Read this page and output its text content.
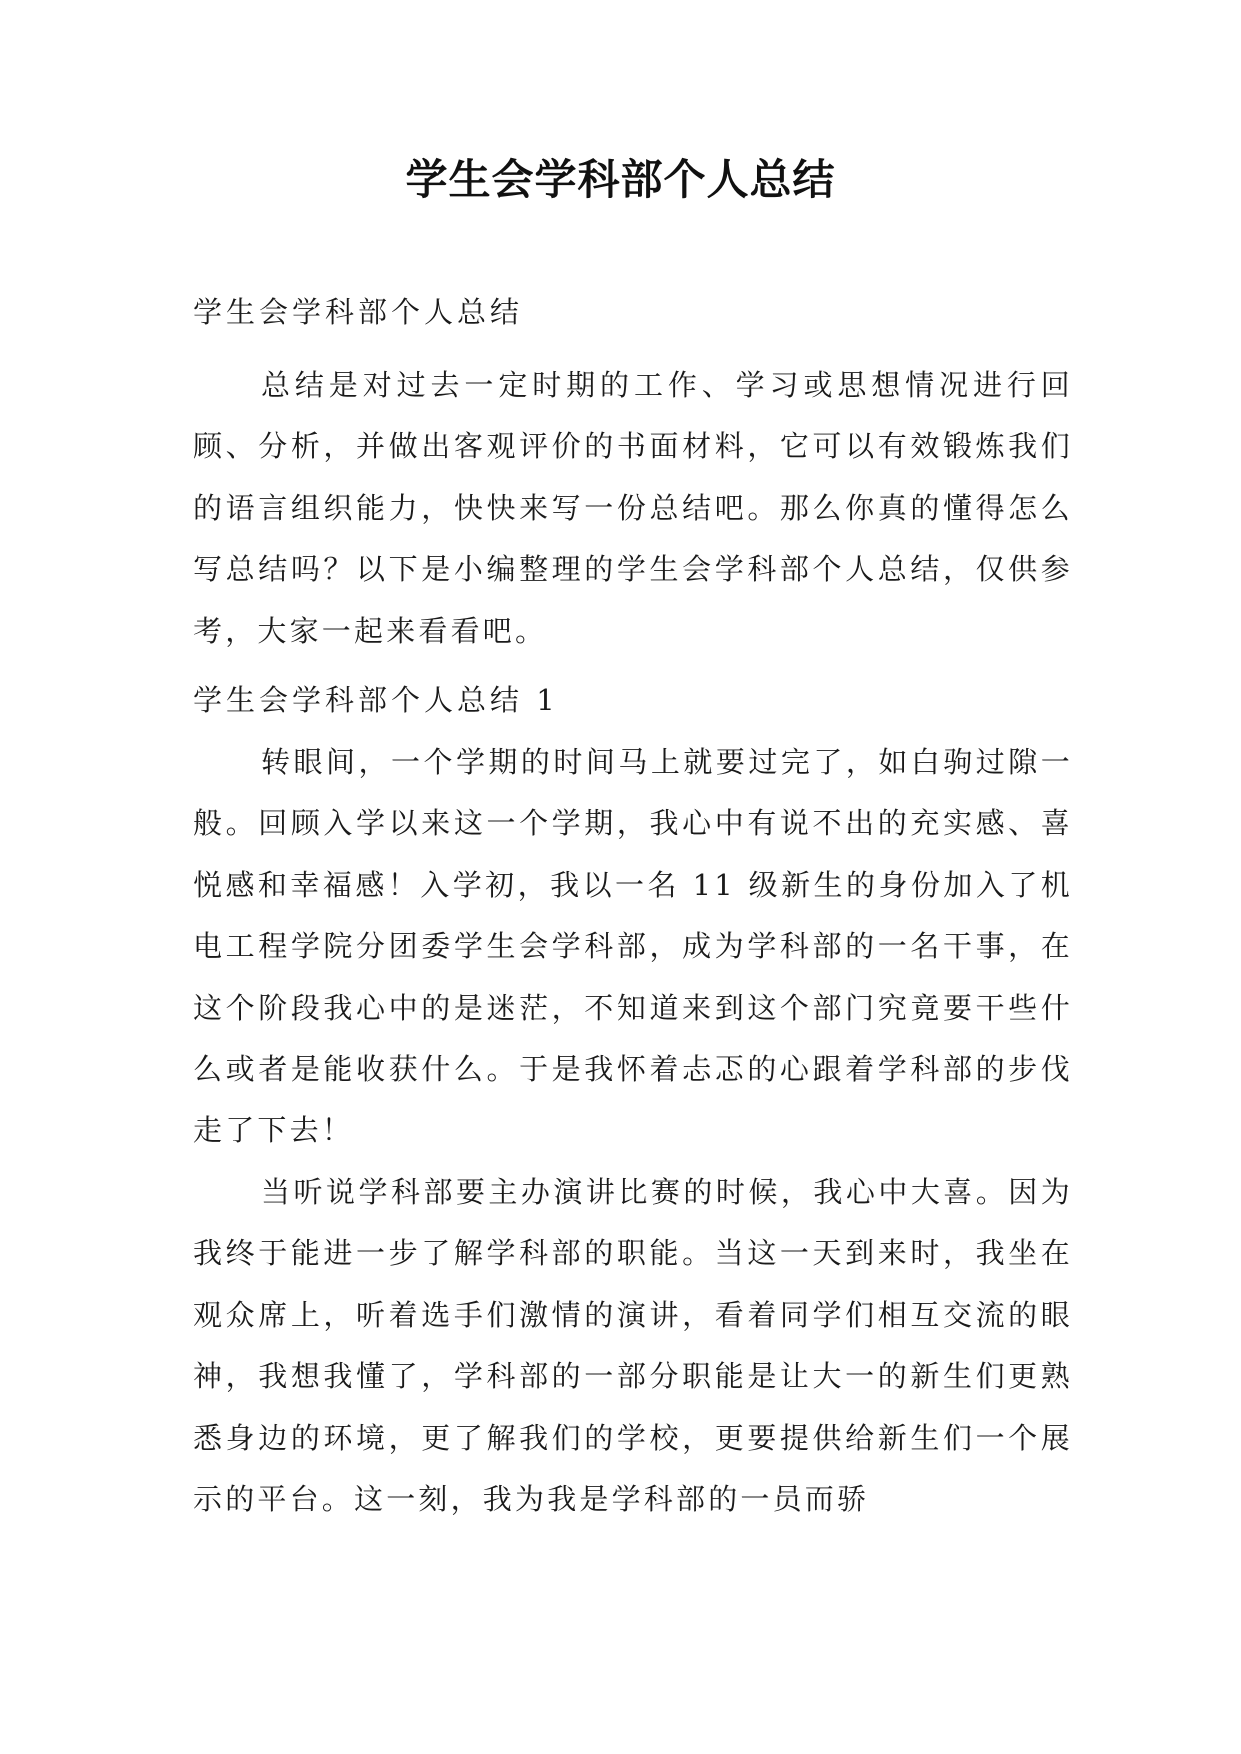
学生会学科部个人总结

学生会学科部个人总结

总结是对过去一定时期的工作、学习或思想情况进行回顾、分析，并做出客观评价的书面材料，它可以有效锻炼我们的语言组织能力，快快来写一份总结吧。那么你真的懂得怎么写总结吗？以下是小编整理的学生会学科部个人总结，仅供参考，大家一起来看看吧。

学生会学科部个人总结 1

转眼间，一个学期的时间马上就要过完了，如白驹过隙一般。回顾入学以来这一个学期，我心中有说不出的充实感、喜悦感和幸福感！入学初，我以一名 11 级新生的身份加入了机电工程学院分团委学生会学科部，成为学科部的一名干事，在这个阶段我心中的是迷茫，不知道来到这个部门究竟要干些什么或者是能收获什么。于是我怀着忐忑的心跟着学科部的步伐走了下去！

当听说学科部要主办演讲比赛的时候，我心中大喜。因为我终于能进一步了解学科部的职能。当这一天到来时，我坐在观众席上，听着选手们激情的演讲，看着同学们相互交流的眼神，我想我懂了，学科部的一部分职能是让大一的新生们更熟悉身边的环境，更了解我们的学校，更要提供给新生们一个展示的平台。这一刻，我为我是学科部的一员而骄
